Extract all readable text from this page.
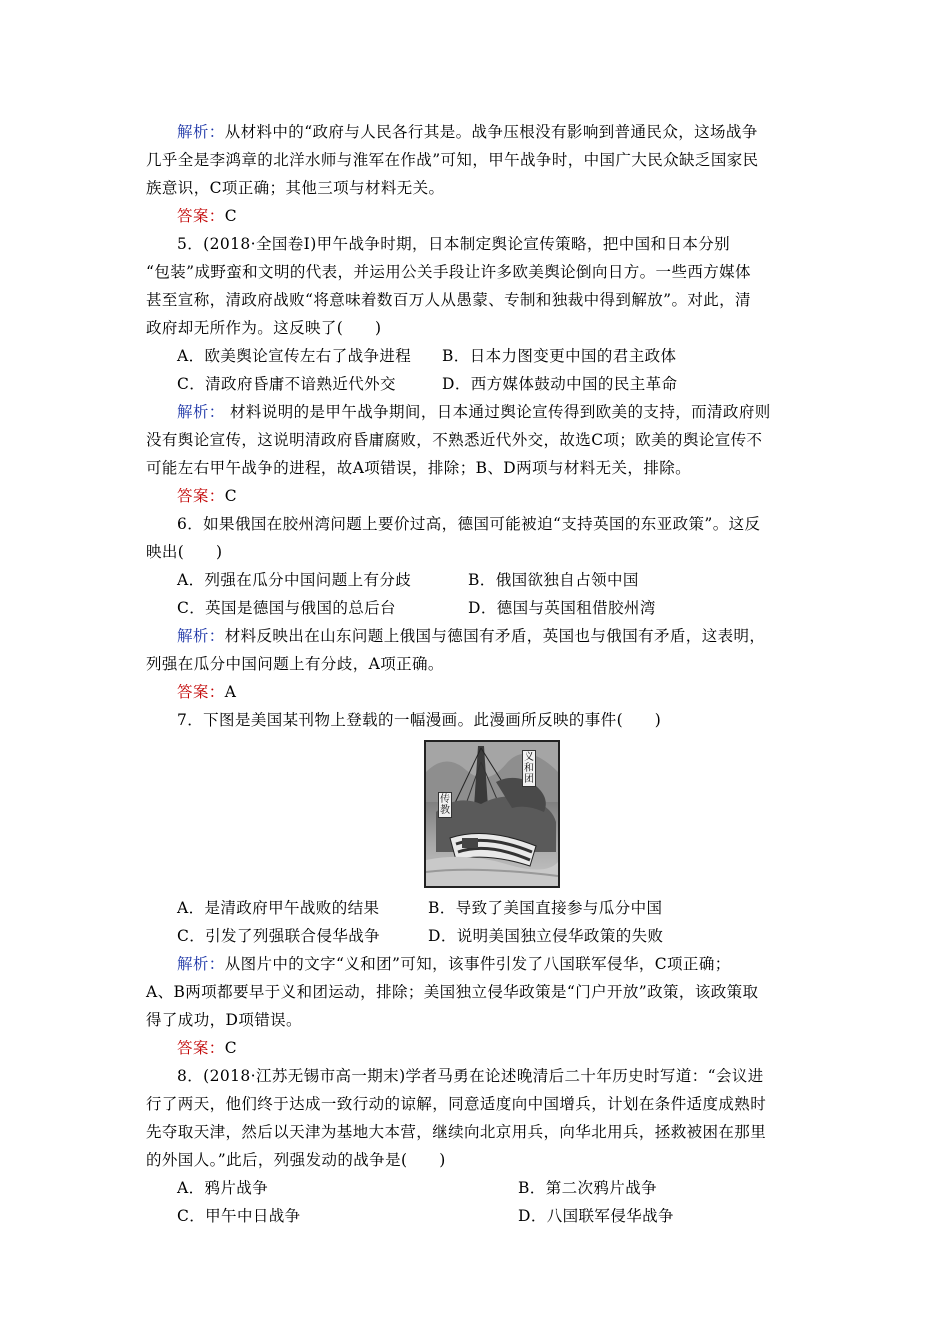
解析：从材料中的“政府与人民各行其是。战争压根没有影响到普通民众，这场战争
几乎全是李鸿章的北洋水师与淮军在作战”可知，甲午战争时，中国广大民众缺乏国家民
族意识，C项正确；其他三项与材料无关。
答案：C
5．(2018·全国卷Ⅰ)甲午战争时期，日本制定舆论宣传策略，把中国和日本分别
“包装”成野蛮和文明的代表，并运用公关手段让许多欧美舆论倒向日方。一些西方媒体
甚至宣称，清政府战败“将意味着数百万人从愚蒙、专制和独裁中得到解放”。对此，清
政府却无所作为。这反映了(　　)
A．欧美舆论宣传左右了战争进程 B．日本力图变更中国的君主政体
C．清政府昏庸不谙熟近代外交	D．西方媒体鼓动中国的民主革命
解析： 材料说明的是甲午战争期间，日本通过舆论宣传得到欧美的支持，而清政府则
没有舆论宣传，这说明清政府昏庸腐败，不熟悉近代外交，故选C项；欧美的舆论宣传不
可能左右甲午战争的进程，故A项错误，排除；B、D两项与材料无关，排除。
答案：C
6．如果俄国在胶州湾问题上要价过高，德国可能被迫“支持英国的东亚政策”。这反
映出(　　)
A．列强在瓜分中国问题上有分歧	B．俄国欲独自占领中国
C．英国是德国与俄国的总后台	D．德国与英国租借胶州湾
解析：材料反映出在山东问题上俄国与德国有矛盾，英国也与俄国有矛盾，这表明，
列强在瓜分中国问题上有分歧，A项正确。
答案：A
7．下图是美国某刊物上登载的一幅漫画。此漫画所反映的事件(　　)
传教
义和团
A．是清政府甲午战败的结果	B．导致了美国直接参与瓜分中国
C．引发了列强联合侵华战争	D．说明美国独立侵华政策的失败
解析：从图片中的文字“义和团”可知，该事件引发了八国联军侵华，C项正确；
A、B两项都要早于义和团运动，排除；美国独立侵华政策是“门户开放”政策，该政策取
得了成功，D项错误。
答案：C
8．(2018·江苏无锡市高一期末)学者马勇在论述晚清后二十年历史时写道：“会议进
行了两天，他们终于达成一致行动的谅解，同意适度向中国增兵，计划在条件适度成熟时
先夺取天津，然后以天津为基地大本营，继续向北京用兵，向华北用兵，拯救被困在那里
的外国人。”此后，列强发动的战争是(　　)
A．鸦片战争	B．第二次鸦片战争
C．甲午中日战争	D．八国联军侵华战争
